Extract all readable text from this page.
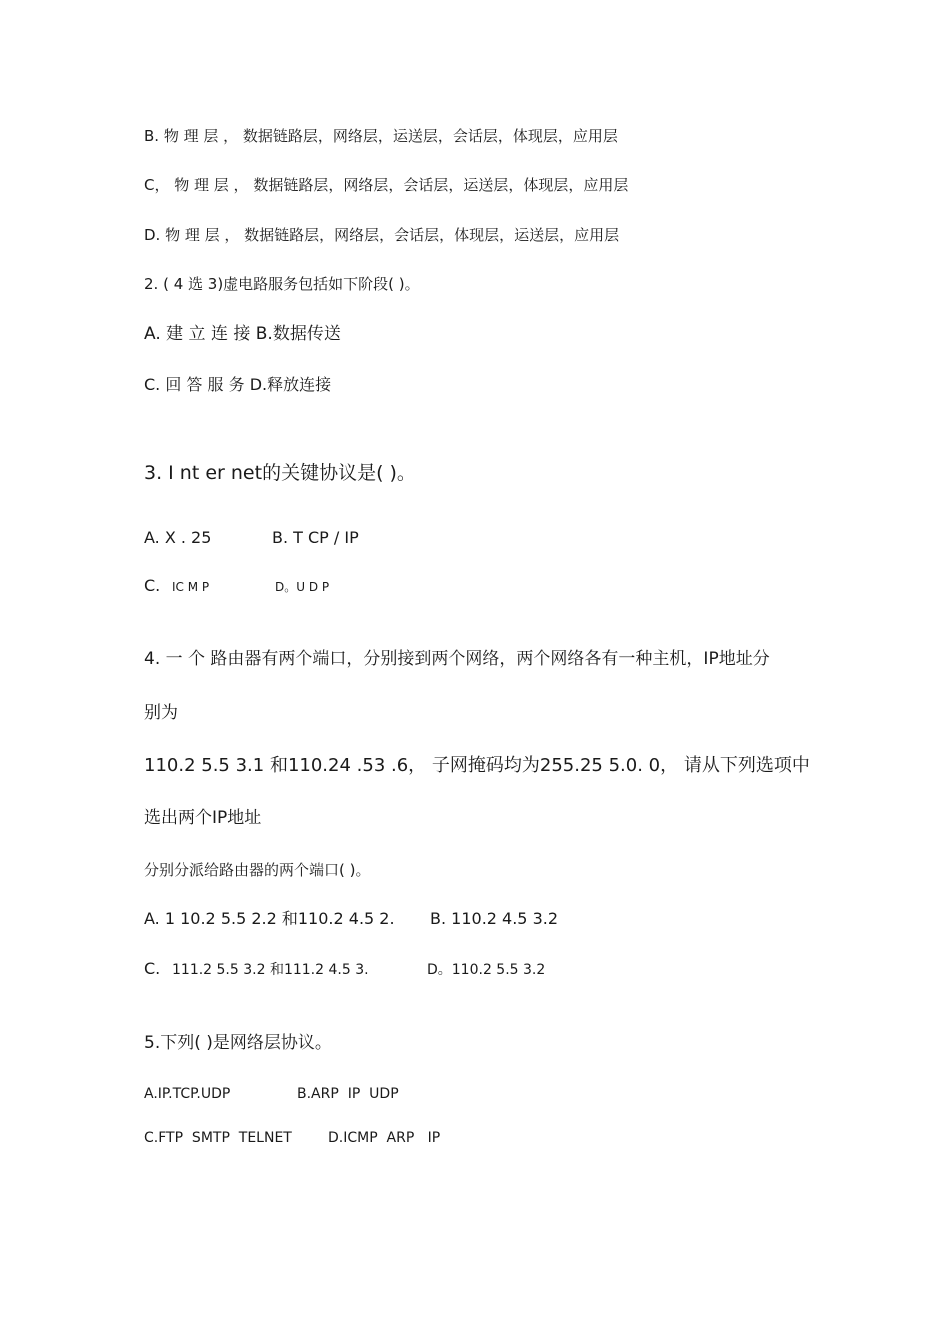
B. 物 理 层 ， 数据链路层，网络层，运送层，会话层，体现层，应用层
C， 物 理 层 ， 数据链路层，网络层，会话层，运送层，体现层，应用层
D. 物 理 层 ， 数据链路层，网络层，会话层，体现层，运送层，应用层
2. ( 4 选 3)虚电路服务包括如下阶段( )。
A. 建 立 连 接 B.数据传送
C. 回 答 服 务 D.释放连接
3. I nt er net的关键协议是( )。
A. X . 25	B. T CP / IP
C. IC M P	D。U D P
4. 一 个 路由器有两个端口，分别接到两个网络，两个网络各有一种主机，IP地址分
别为
110.2 5.5 3.1 和110.24 .53 .6， 子网掩码均为255.25 5.0. 0， 请从下列选项中
选出两个IP地址
分别分派给路由器的两个端口( )。
A. 1 10.2 5.5 2.2 和110.2 4.5 2. B. 110.2 4.5 3.2
C. 111.2 5.5 3.2 和111.2 4.5 3.	D。110.2 5.5 3.2
5.下列( )是网络层协议。
A.IP.TCP.UDP	B.ARP  IP  UDP
C.FTP  SMTP  TELNET	D.ICMP  ARP   IP
